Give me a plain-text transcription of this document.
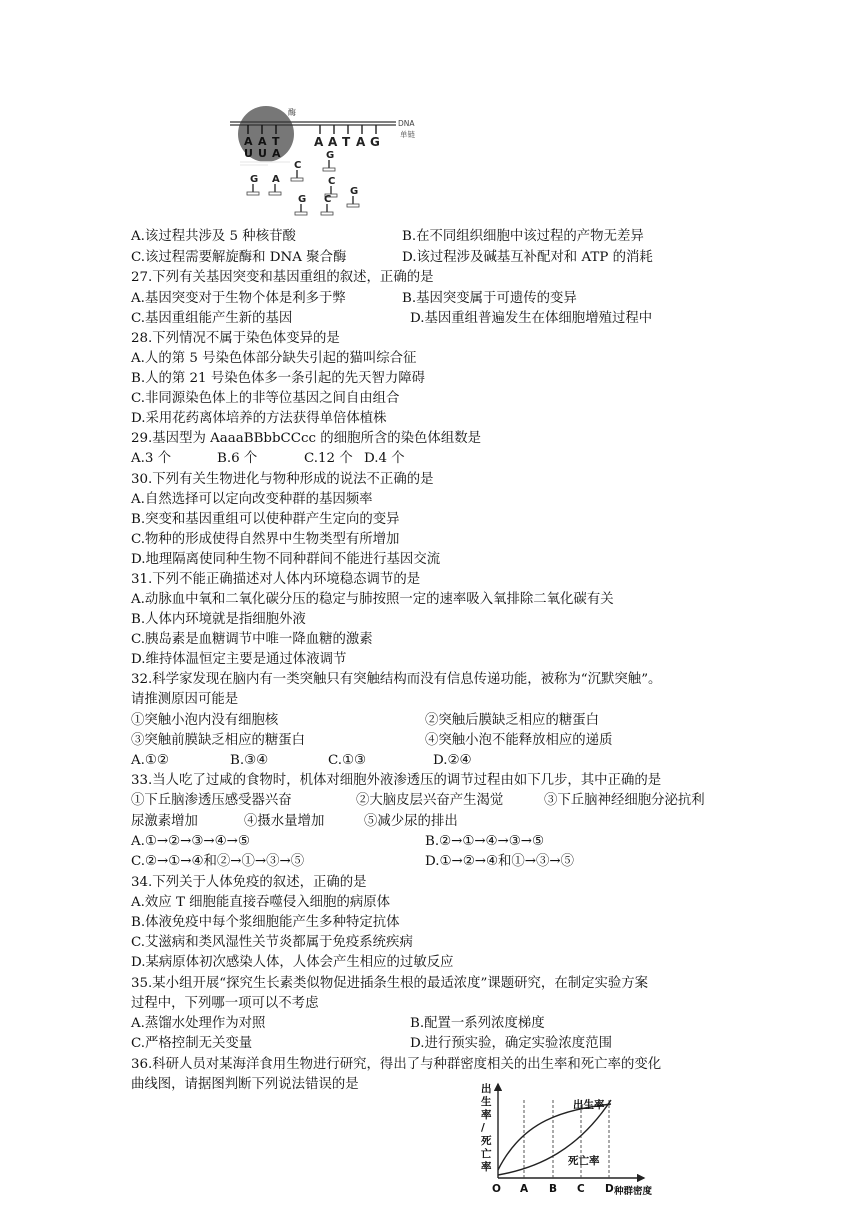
酶
DNA
单链
A A T A G
A A T
U U A
G A
C
G
C
G C
G
A.该过程共涉及 5 种核苷酸	B.在不同组织细胞中该过程的产物无差异
C.该过程需要解旋酶和 DNA 聚合酶	D.该过程涉及碱基互补配对和 ATP 的消耗
27.下列有关基因突变和基因重组的叙述，正确的是
A.基因突变对于生物个体是利多于弊	B.基因突变属于可遗传的变异
C.基因重组能产生新的基因	D.基因重组普遍发生在体细胞增殖过程中
28.下列情况不属于染色体变异的是
A.人的第 5 号染色体部分缺失引起的猫叫综合征
B.人的第 21 号染色体多一条引起的先天智力障碍
C.非同源染色体上的非等位基因之间自由组合
D.采用花药离体培养的方法获得单倍体植株
29.基因型为 AaaaBBbbCCcc 的细胞所含的染色体组数是
A.3 个	B.6 个	C.12 个 D.4 个
30.下列有关生物进化与物种形成的说法不正确的是
A.自然选择可以定向改变种群的基因频率
B.突变和基因重组可以使种群产生定向的变异
C.物种的形成使得自然界中生物类型有所增加
D.地理隔离使同种生物不同种群间不能进行基因交流
31.下列不能正确描述对人体内环境稳态调节的是
A.动脉血中氧和二氧化碳分压的稳定与肺按照一定的速率吸入氧排除二氧化碳有关
B.人体内环境就是指细胞外液
C.胰岛素是血糖调节中唯一降血糖的激素
D.维持体温恒定主要是通过体液调节
32.科学家发现在脑内有一类突触只有突触结构而没有信息传递功能，被称为“沉默突触”。
请推测原因可能是
①突触小泡内没有细胞核	②突触后膜缺乏相应的糖蛋白
③突触前膜缺乏相应的糖蛋白	④突触小泡不能释放相应的递质
A.①②	B.③④	C.①③	D.②④
33.当人吃了过咸的食物时，机体对细胞外液渗透压的调节过程由如下几步，其中正确的是
①下丘脑渗透压感受器兴奋	②大脑皮层兴奋产生渴觉	③下丘脑神经细胞分泌抗利
尿激素增加	④摄水量增加	⑤减少尿的排出
A.①→②→③→④→⑤	B.②→①→④→③→⑤
C.②→①→④和②→①→③→⑤	D.①→②→④和①→③→⑤
34.下列关于人体免疫的叙述，正确的是
A.效应 T 细胞能直接吞噬侵入细胞的病原体
B.体液免疫中每个浆细胞能产生多种特定抗体
C.艾滋病和类风湿性关节炎都属于免疫系统疾病
D.某病原体初次感染人体，人体会产生相应的过敏反应
35.某小组开展“探究生长素类似物促进插条生根的最适浓度”课题研究，在制定实验方案
过程中，下列哪一项可以不考虑
A.蒸馏水处理作为对照	B.配置一系列浓度梯度
C.严格控制无关变量	D.进行预实验，确定实验浓度范围
36.科研人员对某海洋食用生物进行研究，得出了与种群密度相关的出生率和死亡率的变化
曲线图，请据图判断下列说法错误的是	出
生
率
/
死
亡
率
出生率
死亡率
O A B C D 种群密度
